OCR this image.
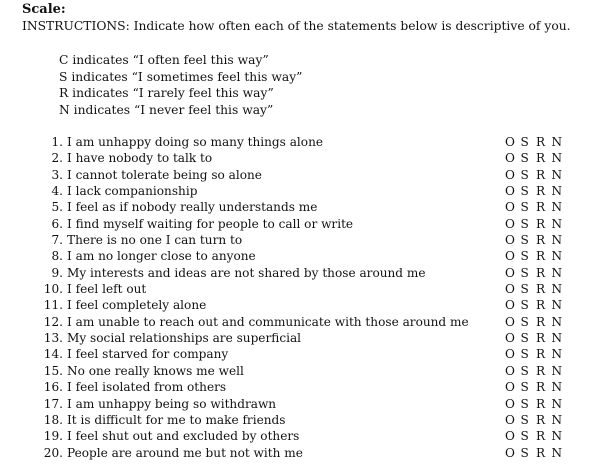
Scale:
INSTRUCTIONS: Indicate how often each of the statements below is descriptive of you.
C indicates “I often feel this way”
S indicates “I sometimes feel this way”
R indicates “I rarely feel this way”
N indicates “I never feel this way”
1. I am unhappy doing so many things alone	O S R N
2. I have nobody to talk to	O S R N
3. I cannot tolerate being so alone	O S R N
4. I lack companionship	O S R N
5. I feel as if nobody really understands me	O S R N
6. I find myself waiting for people to call or write	O S R N
7. There is no one I can turn to	O S R N
8. I am no longer close to anyone	O S R N
9. My interests and ideas are not shared by those around me	O S R N
10. I feel left out	O S R N
11. I feel completely alone	O S R N
12. I am unable to reach out and communicate with those around me	O S R N
13. My social relationships are superficial	O S R N
14. I feel starved for company	O S R N
15. No one really knows me well	O S R N
16. I feel isolated from others	O S R N
17. I am unhappy being so withdrawn	O S R N
18. It is difficult for me to make friends	O S R N
19. I feel shut out and excluded by others	O S R N
20. People are around me but not with me	O S R N
